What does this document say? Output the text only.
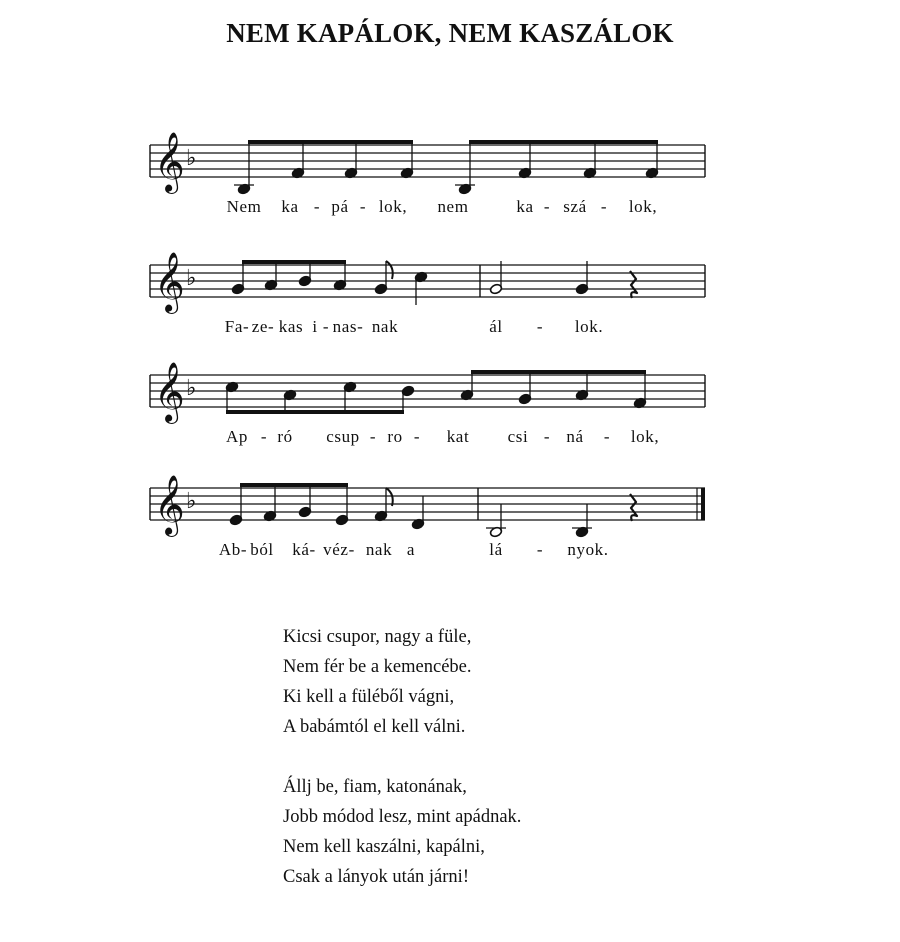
NEM KAPÁLOK, NEM KASZÁLOK
𝄞 ♭
Nem ka - pá - lok, nem	ka - szá - lok,
𝄞 ♭
Fa- ze- kas i - nas- nak	ál - lok.
𝄞 ♭
Ap - ró csup - ro - kat csi - ná - lok,
𝄞 ♭
Ab- ból ká- véz- nak a	lá - nyok.
Kicsi csupor, nagy a füle,
Nem fér be a kemencébe.
Ki kell a füléből vágni,
A babámtól el kell válni.
Állj be, fiam, katonának,
Jobb módod lesz, mint apádnak.
Nem kell kaszálni, kapálni,
Csak a lányok után járni!
